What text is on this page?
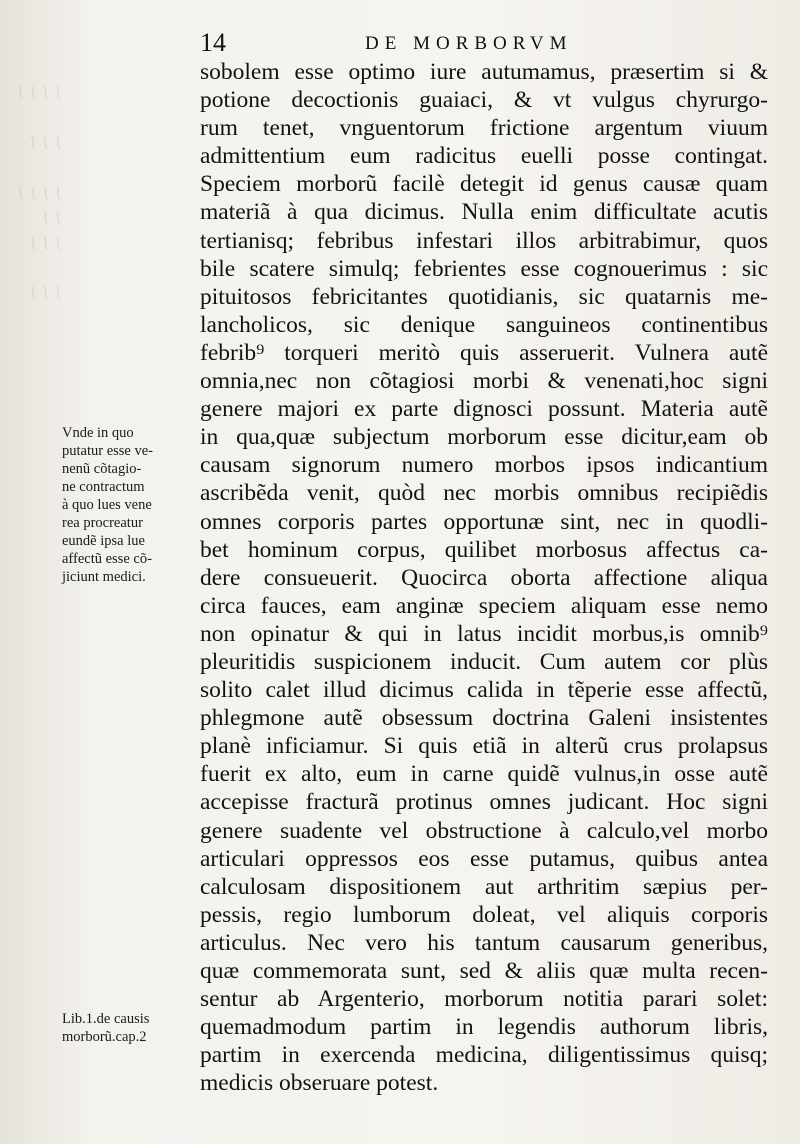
ʃ  ʃ  ʃ  ʃ

ʃ  ʃ  ʃ

ʃ  ʃ  ʃ  ʃ
ʃ  ʃ
ʃ  ʃ  ʃ

ʃ  ʃ  ʃ
14	DE MORBORVM
sobolem esse optimo iure autumamus, præsertim si &
potione decoctionis guaiaci, & vt vulgus chyrurgo-
rum tenet, vnguentorum frictione argentum viuum
admittentium eum radicitus euelli posse contingat.
Speciem morborũ facilè detegit id genus causæ quam
materiã à qua dicimus. Nulla enim difficultate acutis
tertianisq; febribus infestari illos arbitrabimur, quos
bile scatere simulq; febrientes esse cognouerimus : sic
pituitosos febricitantes quotidianis, sic quatarnis me-
lancholicos, sic denique sanguineos continentibus
febrib⁹ torqueri meritò quis asseruerit. Vulnera autẽ
omnia,nec non cõtagiosi morbi & venenati,hoc signi
genere majori ex parte dignosci possunt. Materia autẽ
in qua,quæ subjectum morborum esse dicitur,eam ob
causam signorum numero morbos ipsos indicantium
ascribẽda venit, quòd nec morbis omnibus recipiẽdis
omnes corporis partes opportunæ sint, nec in quodli-
bet hominum corpus, quilibet morbosus affectus ca-
dere consueuerit. Quocirca oborta affectione aliqua
circa fauces, eam anginæ speciem aliquam esse nemo
non opinatur & qui in latus incidit morbus,is omnib⁹
pleuritidis suspicionem inducit. Cum autem cor plùs
solito calet illud dicimus calida in tẽperie esse affectũ,
phlegmone autẽ obsessum doctrina Galeni insistentes
planè inficiamur. Si quis etiã in alterũ crus prolapsus
fuerit ex alto, eum in carne quidẽ vulnus,in osse autẽ
accepisse fracturã protinus omnes judicant. Hoc signi
genere suadente vel obstructione à calculo,vel morbo
articulari oppressos eos esse putamus, quibus antea
calculosam dispositionem aut arthritim sæpius per-
pessis, regio lumborum doleat, vel aliquis corporis
articulus. Nec vero his tantum causarum generibus,
quæ commemorata sunt, sed & aliis quæ multa recen-
sentur ab Argenterio, morborum notitia parari solet:
quemadmodum partim in legendis authorum libris,
partim in exercenda medicina, diligentissimus quisq;
medicis obseruare potest.
Vnde in quo
putatur esse ve-
nenũ cõtagio-
ne contractum
à quo lues vene
rea procreatur
eundẽ ipsa lue
affectũ esse cõ-
jiciunt medici.
Lib.1.de causis
morborũ.cap.2
